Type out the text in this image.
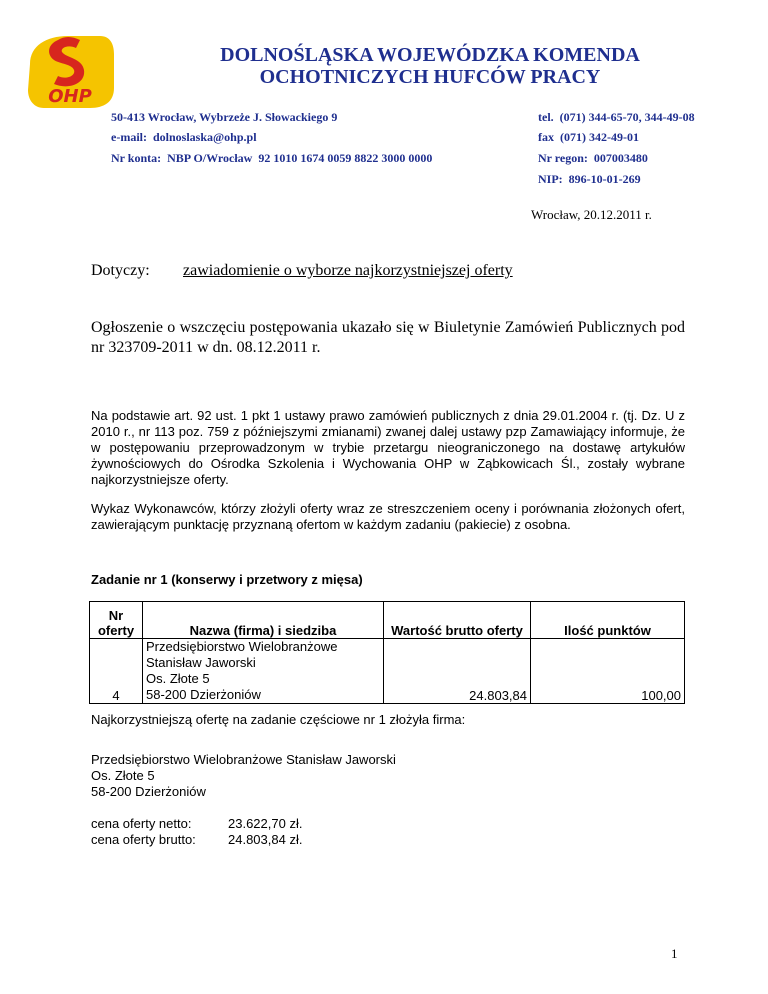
OHP
DOLNOŚLĄSKA WOJEWÓDZKA KOMENDA
OCHOTNICZYCH HUFCÓW PRACY
50-413 Wrocław, Wybrzeże J. Słowackiego 9	tel.  (071) 344-65-70, 344-49-08
e-mail:  dolnoslaska@ohp.pl	fax  (071) 342-49-01
Nr konta:  NBP O/Wrocław  92 1010 1674 0059 8822 3000 0000	Nr regon:  007003480
NIP:  896-10-01-269
Wrocław, 20.12.2011 r.
Dotyczy: zawiadomienie o wyborze najkorzystniejszej oferty
Ogłoszenie o wszczęciu postępowania ukazało się w Biuletynie Zamówień Publicznych pod nr 323709-2011 w dn. 08.12.2011 r.
Na podstawie art. 92 ust. 1 pkt 1 ustawy prawo zamówień publicznych z dnia 29.01.2004 r. (tj. Dz. U z 2010 r., nr 113 poz. 759 z późniejszymi zmianami) zwanej dalej ustawy pzp Zamawiający informuje, że w postępowaniu przeprowadzonym w trybie przetargu nieograniczonego na dostawę artykułów żywnościowych do Ośrodka Szkolenia i Wychowania OHP w Ząbkowicach Śl., zostały wybrane najkorzystniejsze oferty.
Wykaz Wykonawców, którzy złożyli oferty wraz ze streszczeniem oceny i porównania złożonych ofert, zawierającym punktację przyznaną ofertom w każdym zadaniu (pakiecie) z osobna.
Zadanie nr 1 (konserwy i przetwory z mięsa)
Nr oferty	Nazwa (firma) i siedziba	Wartość brutto oferty	Ilość punktów
4	Przedsiębiorstwo Wielobranżowe
Stanisław Jaworski
Os. Złote 5
58-200 Dzierżoniów	24.803,84	100,00
Najkorzystniejszą ofertę na zadanie częściowe nr 1 złożyła firma:
Przedsiębiorstwo Wielobranżowe Stanisław Jaworski
Os. Złote 5
58-200 Dzierżoniów
cena oferty netto:	23.622,70 zł.
cena oferty brutto:	24.803,84 zł.
1
